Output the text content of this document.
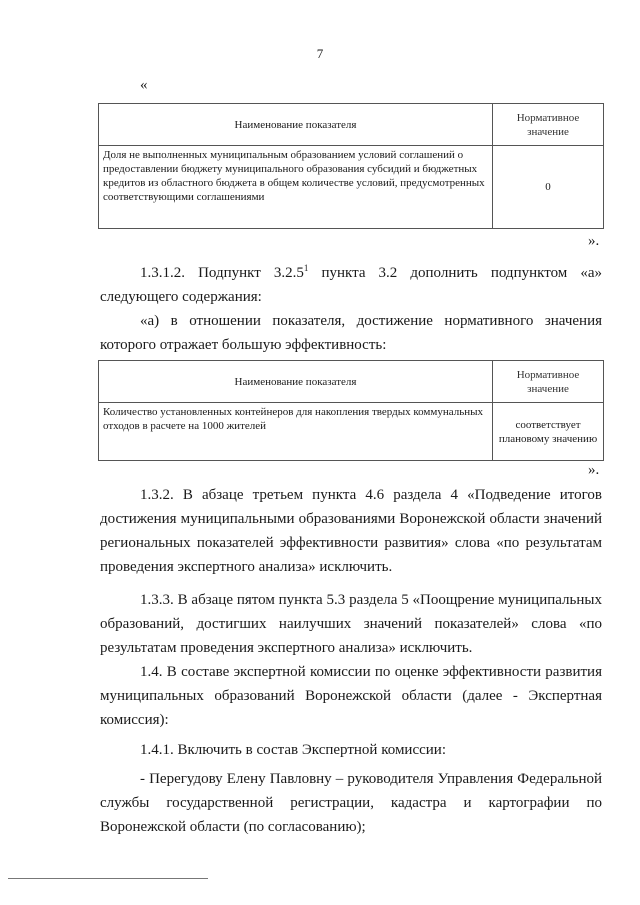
7
«
Наименование показателя	Нормативное значение
Доля не выполненных муниципальным образованием условий соглашений о предоставлении бюджету муниципального образования субсидий и бюджетных кредитов из областного бюджета в общем количестве условий, предусмотренных соответствующими соглашениями	0
».
1.3.1.2. Подпункт 3.2.5$^1$ пункта 3.2 дополнить подпунктом «а» следующего содержания:
«а) в отношении показателя, достижение нормативного значения которого отражает большую эффективность:
Наименование показателя	Нормативное значение
Количество установленных контейнеров для накопления твердых коммунальных отходов в расчете на 1000 жителей	соответствует плановому значению
».
1.3.2. В абзаце третьем пункта 4.6 раздела 4 «Подведение итогов достижения муниципальными образованиями Воронежской области значений региональных показателей эффективности развития» слова «по результатам проведения экспертного анализа» исключить.
1.3.3. В абзаце пятом пункта 5.3 раздела 5 «Поощрение муниципальных образований, достигших наилучших значений показателей» слова «по результатам проведения экспертного анализа» исключить.
1.4. В составе экспертной комиссии по оценке эффективности развития муниципальных образований Воронежской области (далее - Экспертная комиссия):
1.4.1. Включить в состав Экспертной комиссии:
- Перегудову Елену Павловну – руководителя Управления Федеральной службы государственной регистрации, кадастра и картографии по Воронежской области (по согласованию);
